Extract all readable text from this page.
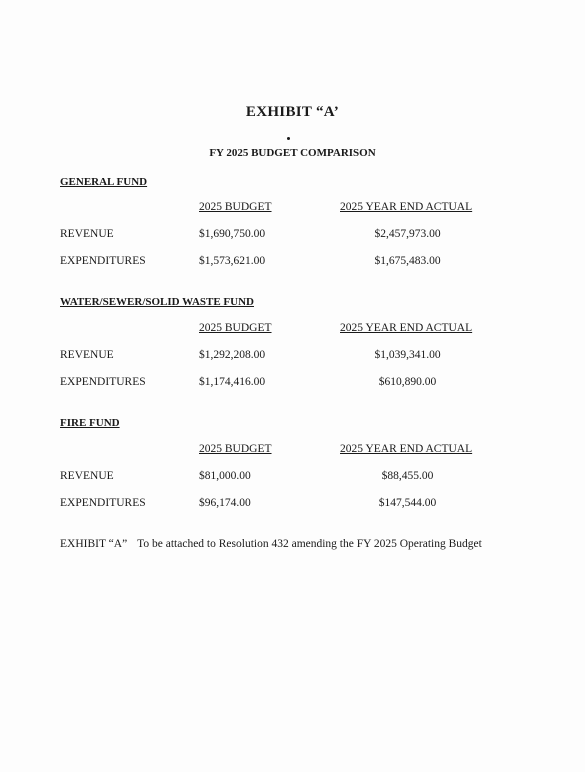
EXHIBIT “A’
FY 2025 BUDGET COMPARISON
GENERAL FUND
2025 BUDGET	2025 YEAR END ACTUAL
REVENUE	$1,690,750.00	$2,457,973.00
EXPENDITURES	$1,573,621.00	$1,675,483.00
WATER/SEWER/SOLID WASTE FUND
2025 BUDGET	2025 YEAR END ACTUAL
REVENUE	$1,292,208.00	$1,039,341.00
EXPENDITURES	$1,174,416.00	$610,890.00
FIRE FUND
2025 BUDGET	2025 YEAR END ACTUAL
REVENUE	$81,000.00	$88,455.00
EXPENDITURES	$96,174.00	$147,544.00
EXHIBIT “A” To be attached to Resolution 432 amending the FY 2025 Operating Budget
